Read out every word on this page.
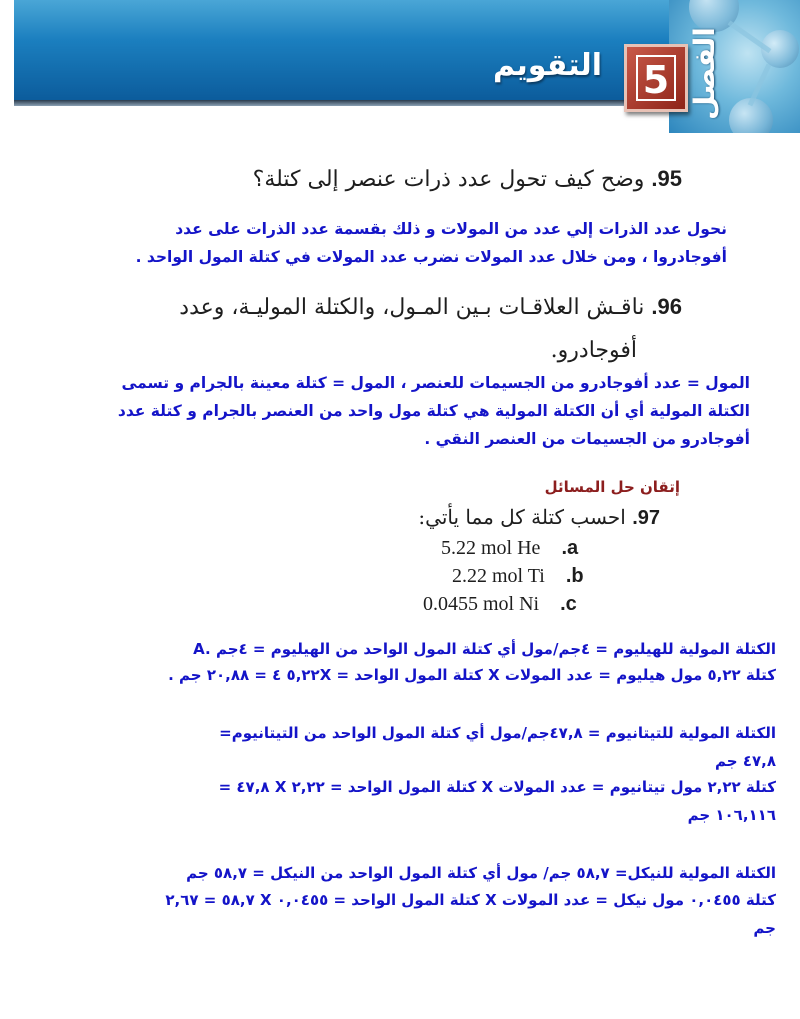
الفصل
5
التقويم
95. وضح كيف تحول عدد ذرات عنصر إلى كتلة؟
نحول عدد الذرات إلي عدد من المولات و ذلك بقسمة عدد الذرات على عدد
أفوجادروا ، ومن خلال عدد المولات نضرب عدد المولات في كتلة المول الواحد .
96. ناقـش العلاقـات بـين المـول، والكتلة الموليـة، وعدد
أفوجادرو.
المول = عدد أفوجادرو من الجسيمات للعنصر ، المول = كتلة معينة بالجرام و تسمى
الكتلة المولية أي أن الكتلة المولية هي كتلة مول واحد من العنصر بالجرام و كتلة عدد
أفوجادرو من الجسيمات من العنصر النقي .
إتقان حل المسائل
97. احسب كتلة كل مما يأتي:
5.22 mol He .a
2.22 mol Ti .b
0.0455 mol Ni .c
A. الكتلة المولية للهيليوم = ٤جم/مول أي كتلة المول الواحد من الهيليوم = ٤جم
كتلة ٥,٢٢ مول هيليوم = عدد المولات X كتلة المول الواحد = ٥,٢٢X ٤ = ٢٠,٨٨ جم .
الكتلة المولية للتيتانيوم = ٤٧,٨جم/مول أي كتلة المول الواحد من التيتانيوم=
٤٧,٨ جم
كتلة ٢,٢٢ مول تيتانيوم = عدد المولات X كتلة المول الواحد = ٢,٢٢ X ٤٧,٨ =
١٠٦,١١٦ جم
الكتلة المولية للنيكل= ٥٨,٧ جم/ مول أي كتلة المول الواحد من النيكل = ٥٨,٧ جم
كتلة ٠,٠٤٥٥ مول نيكل = عدد المولات X كتلة المول الواحد = ٠,٠٤٥٥ X ٥٨,٧ = ٢,٦٧
جم
